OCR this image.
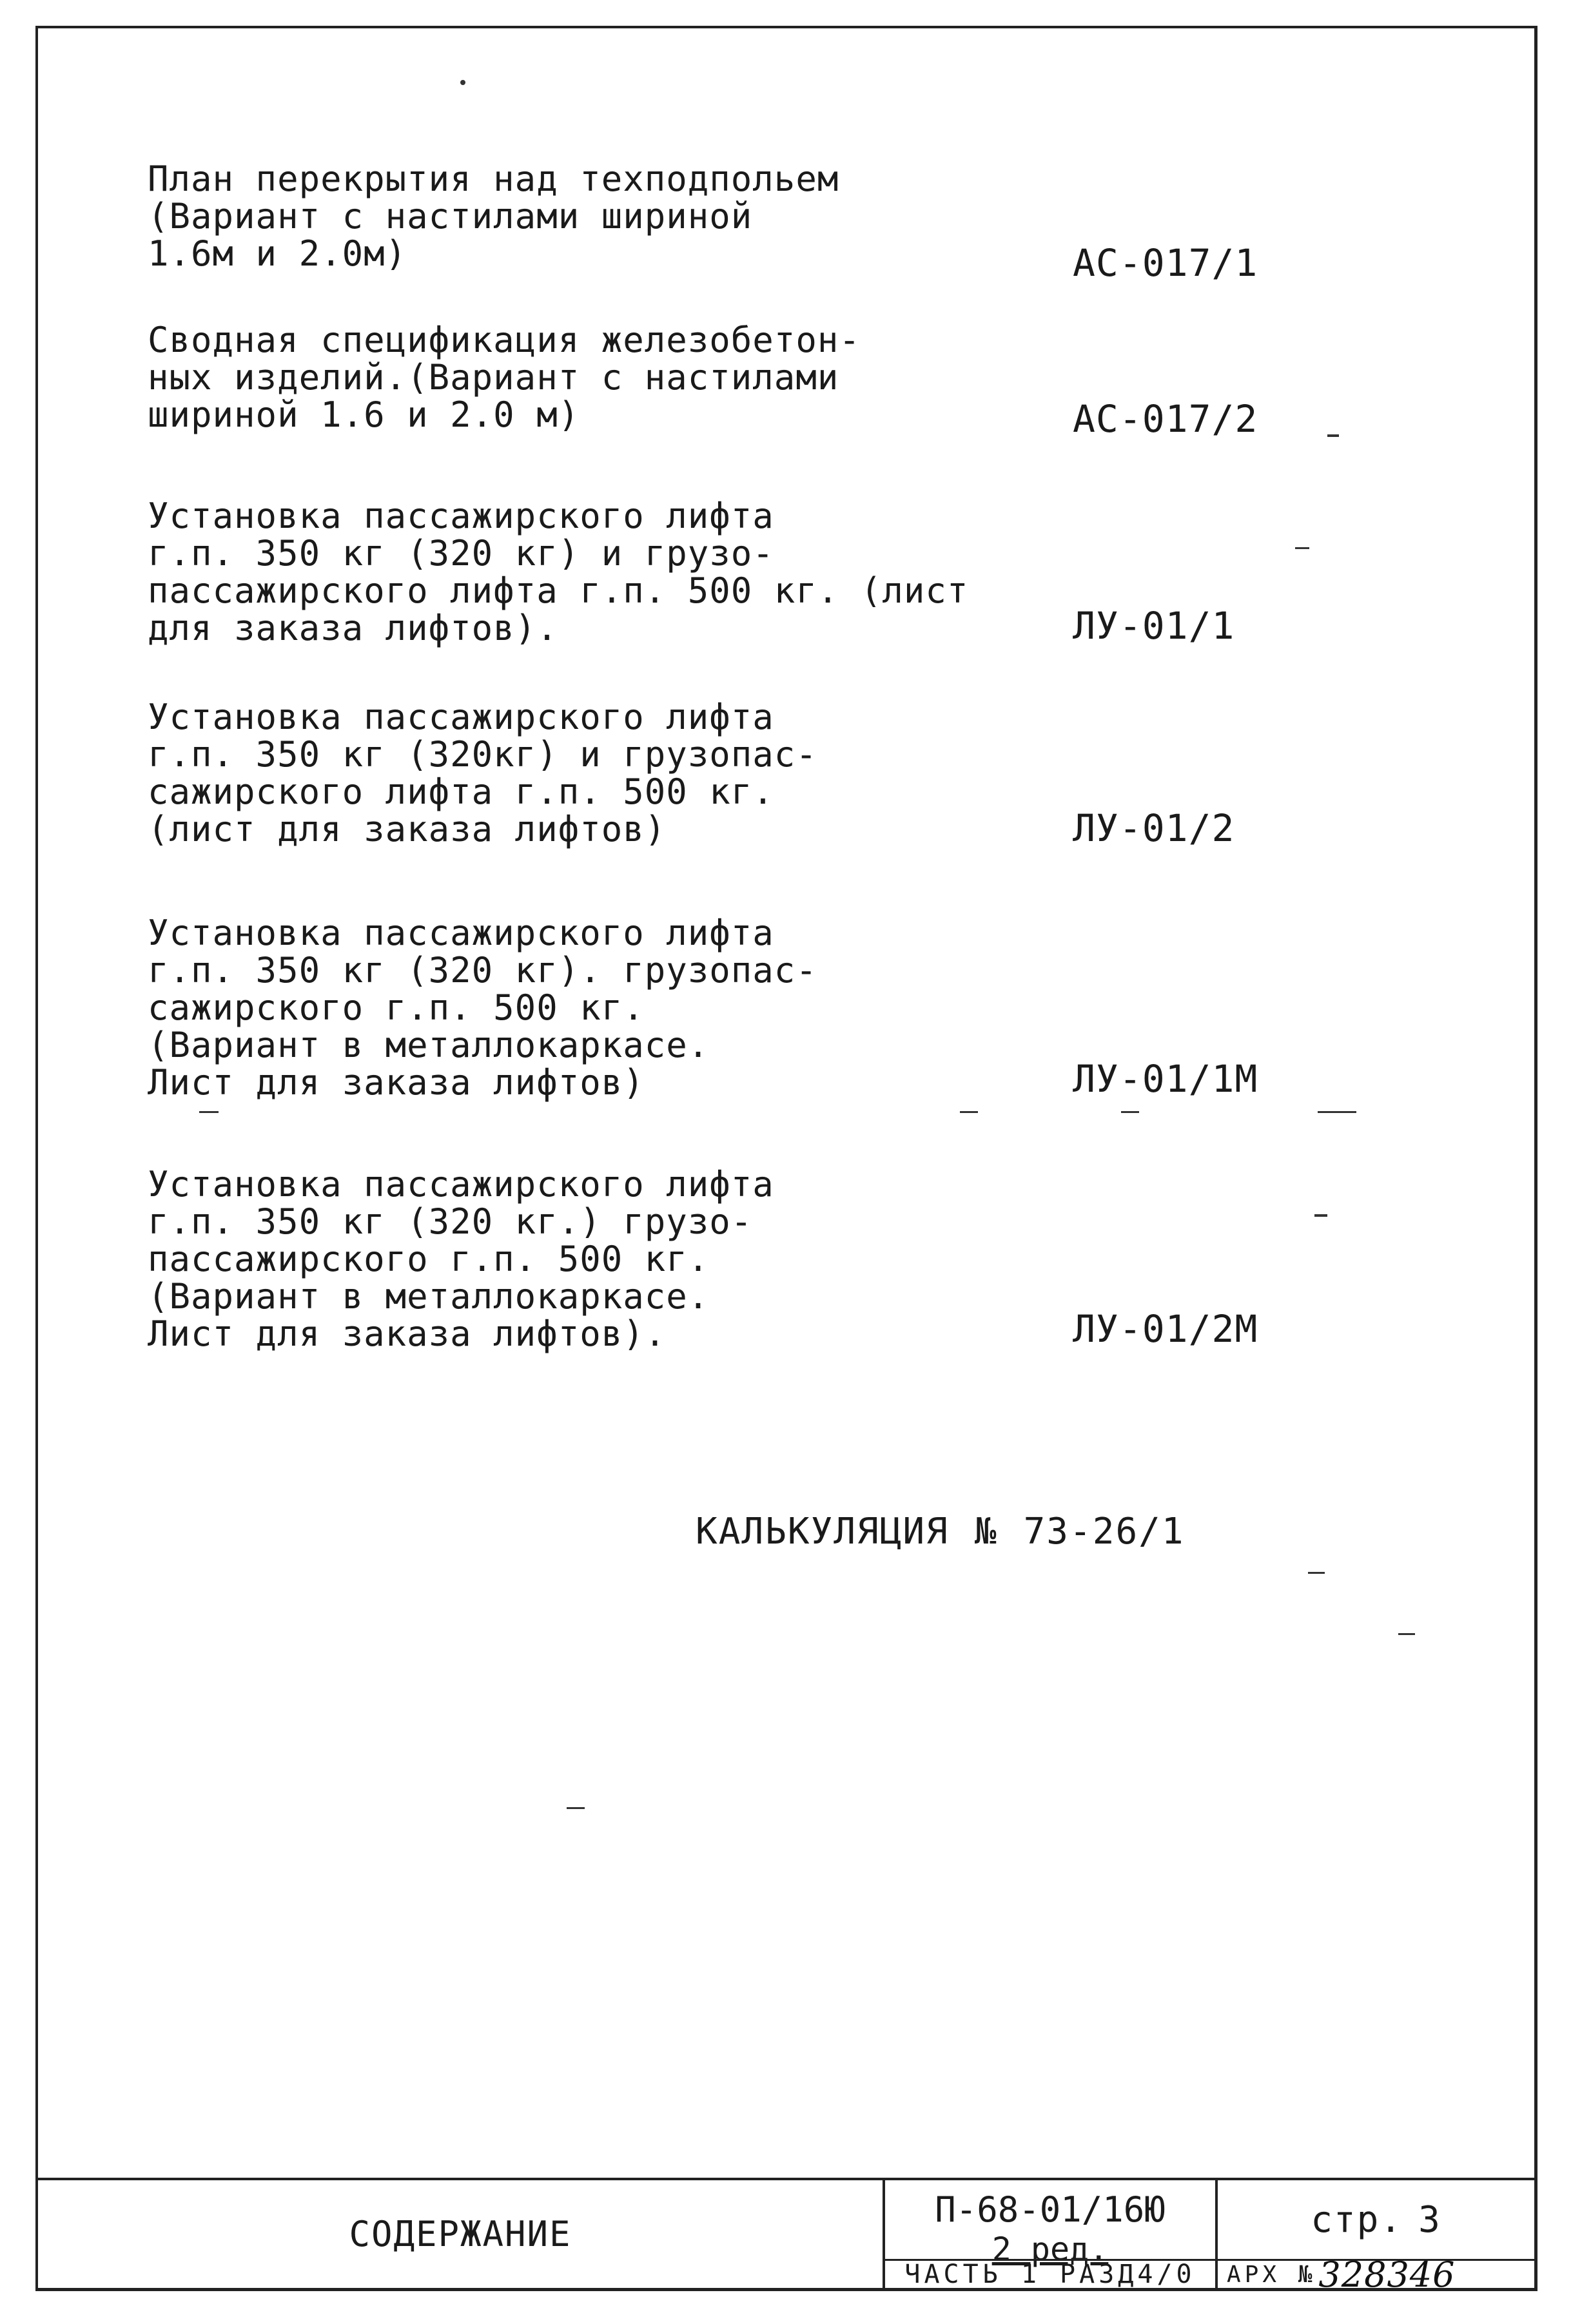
План перекрытия над техподпольем
(Вариант с настилами шириной
1.6м и 2.0м)	АС-017/1
Сводная спецификация железобетон-
ных изделий.(Вариант с настилами
шириной 1.6 и 2.0 м)	АС-017/2
Установка пассажирского лифта
г.п. 350 кг (320 кг) и грузо-
пассажирского лифта г.п. 500 кг. (лист
для заказа лифтов).	ЛУ-01/1
Установка пассажирского лифта
г.п. 350 кг (320кг) и грузопас-
сажирского лифта г.п. 500 кг.
(лист для заказа лифтов)	ЛУ-01/2
Установка пассажирского лифта
г.п. 350 кг (320 кг). грузопас-
сажирского г.п. 500 кг.
(Вариант в металлокаркасе.
Лист для заказа лифтов)	ЛУ-01/1М
Установка пассажирского лифта
г.п. 350 кг (320 кг.) грузо-
пассажирского г.п. 500 кг.
(Вариант в металлокаркасе.
Лист для заказа лифтов).	ЛУ-01/2М
КАЛЬКУЛЯЦИЯ № 73-26/1
СОДЕРЖАНИЕ
П-68-01/16Ю
2 ред.
ЧАСТЬ 1 РАЗД4/0
стр. 3
АРХ № 328346
